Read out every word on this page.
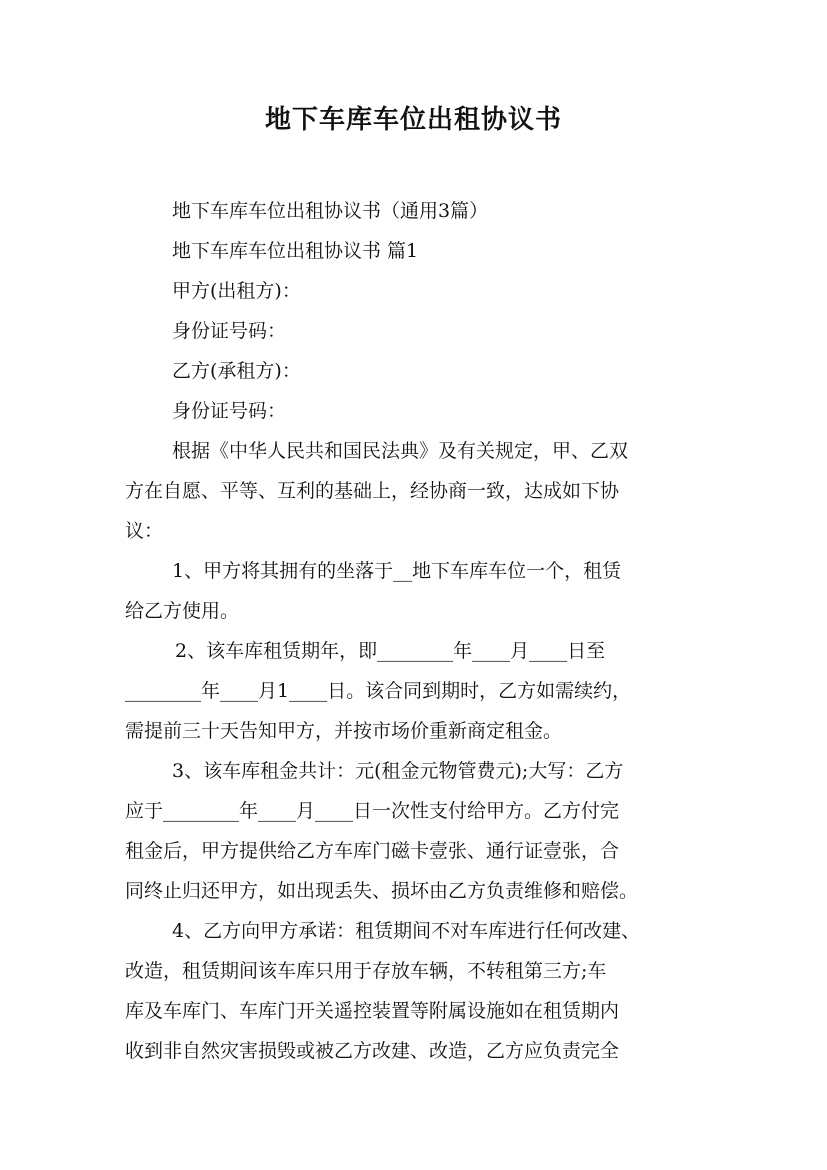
地下车库车位出租协议书

地下车库车位出租协议书（通用3篇）

地下车库车位出租协议书 篇1

甲方(出租方)：

身份证号码：

乙方(承租方)：

身份证号码：

根据《中华人民共和国民法典》及有关规定，甲、乙双

方在自愿、平等、互利的基础上，经协商一致，达成如下协

议：

1、甲方将其拥有的坐落于__地下车库车位一个，租赁

给乙方使用。

2、该车库租赁期年，即________年____月____日至

________年____月1____日。该合同到期时，乙方如需续约，

需提前三十天告知甲方，并按市场价重新商定租金。

3、该车库租金共计：元(租金元物管费元);大写：乙方

应于________年____月____日一次性支付给甲方。乙方付完

租金后，甲方提供给乙方车库门磁卡壹张、通行证壹张，合

同终止归还甲方，如出现丢失、损坏由乙方负责维修和赔偿。

4、乙方向甲方承诺：租赁期间不对车库进行任何改建、

改造，租赁期间该车库只用于存放车辆，不转租第三方;车

库及车库门、车库门开关遥控装置等附属设施如在租赁期内

收到非自然灾害损毁或被乙方改建、改造，乙方应负责完全
